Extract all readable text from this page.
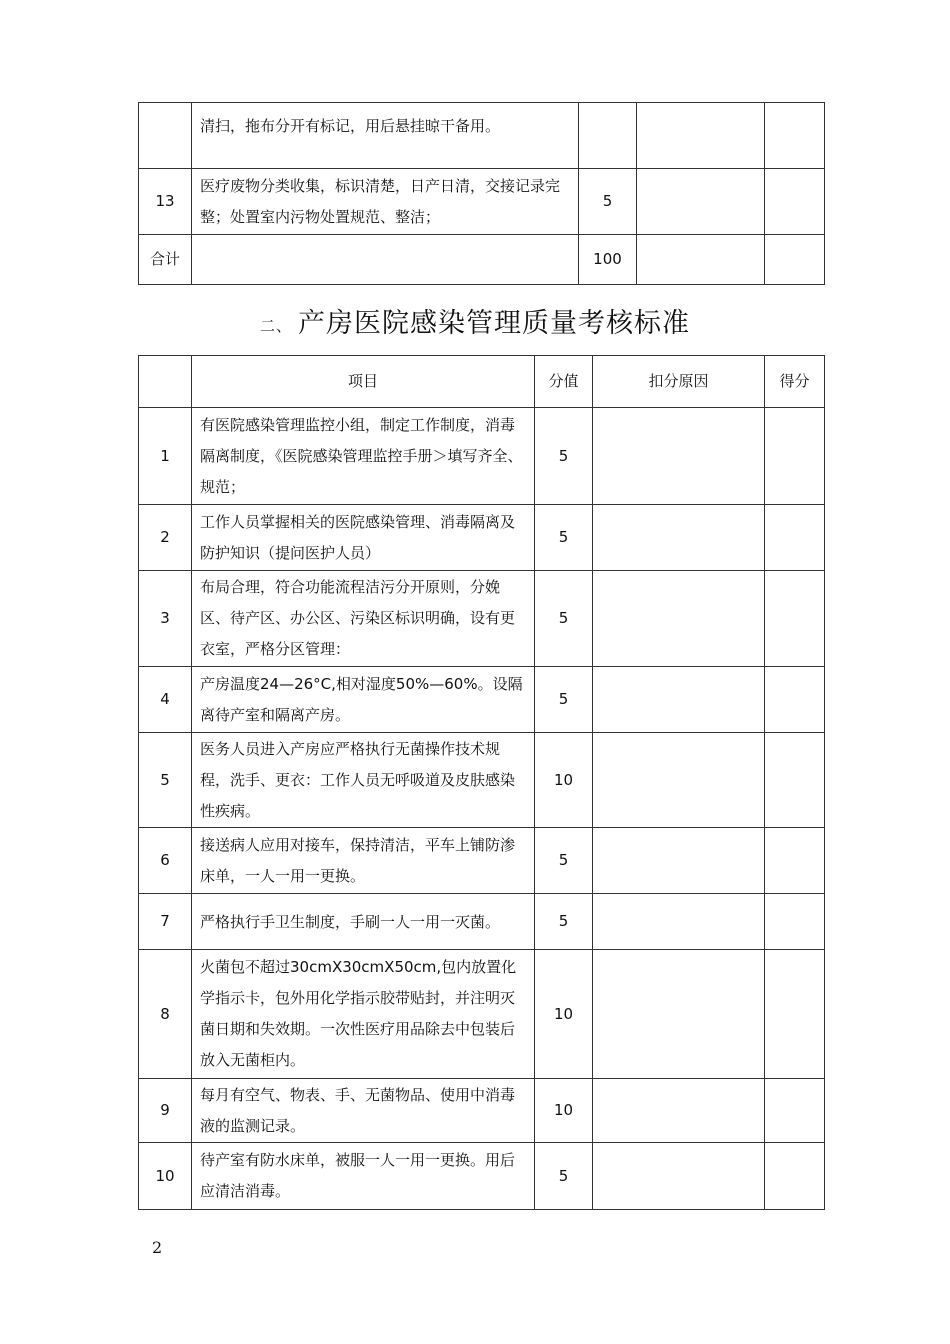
	清扫，拖布分开有标记，用后悬挂晾干备用。			
13	医疗废物分类收集，标识清楚，日产日清，交接记录完整；处置室内污物处置规范、整洁；	5		
合计		100		
$^{二、}$ 产房医院感染管理质量考核标准
	项目	分值	扣分原因	得分
1	有医院感染管理监控小组，制定工作制度，消毒隔离制度，《医院感染管理监控手册＞填写齐全、规范；	5		
2	工作人员掌握相关的医院感染管理、消毒隔离及防护知识（提问医护人员）	5		
3	布局合理，符合功能流程洁污分开原则，分娩区、待产区、办公区、污染区标识明确，设有更衣室，严格分区管理：	5		
4	产房温度24—26°C,相对湿度50%—60%。设隔离待产室和隔离产房。	5		
5	医务人员进入产房应严格执行无菌操作技术规程，洗手、更衣：工作人员无呼吸道及皮肤感染性疾病。	10		
6	接送病人应用对接车，保持清洁，平车上铺防渗床单，一人一用一更换。	5		
7	严格执行手卫生制度，手刷一人一用一灭菌。	5		
8	火菌包不超过30cmX30cmX50cm,包内放置化学指示卡，包外用化学指示胶带贴封，并注明灭菌日期和失效期。一次性医疗用品除去中包装后放入无菌柜内。	10		
9	每月有空气、物表、手、无菌物品、使用中消毒液的监测记录。	10		
10	待产室有防水床单，被服一人一用一更换。用后应清洁消毒。	5		
2
